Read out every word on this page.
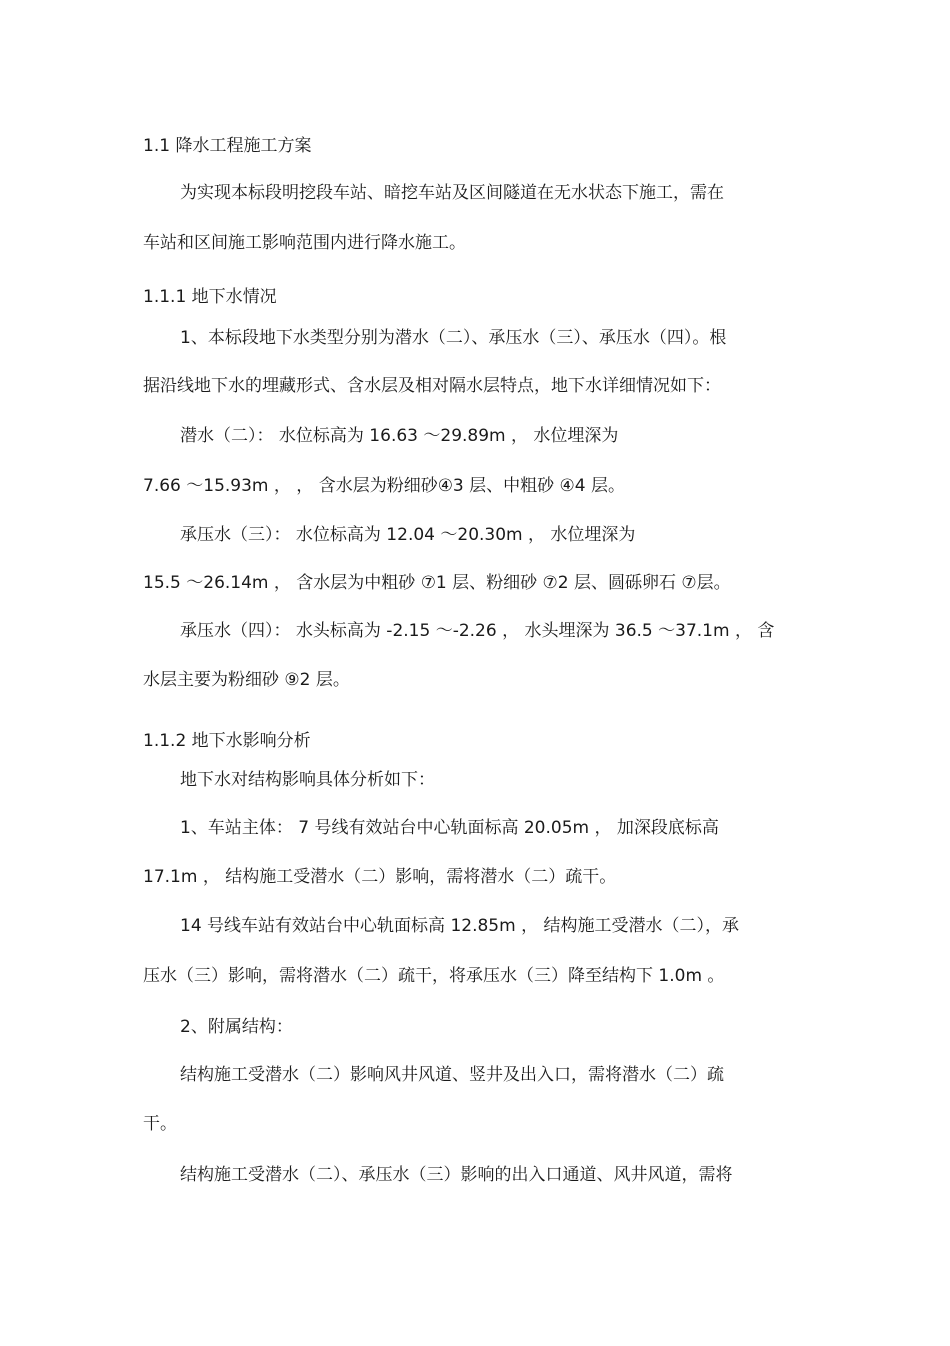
1.1 降水工程施工方案

为实现本标段明挖段车站、暗挖车站及区间隧道在无水状态下施工，需在

车站和区间施工影响范围内进行降水施工。

1.1.1 地下水情况

1、本标段地下水类型分别为潜水（二）、承压水（三）、承压水（四）。根

据沿线地下水的埋藏形式、含水层及相对隔水层特点，地下水详细情况如下：

潜水（二）： 水位标高为 16.63 ～29.89m ， 水位埋深为

7.66 ～15.93m ， ， 含水层为粉细砂④3 层、中粗砂 ④4 层。

承压水（三）： 水位标高为 12.04 ～20.30m ， 水位埋深为

15.5 ～26.14m ， 含水层为中粗砂 ⑦1 层、粉细砂 ⑦2 层、圆砾卵石 ⑦层。

承压水（四）： 水头标高为 -2.15 ～-2.26 ， 水头埋深为 36.5 ～37.1m ， 含

水层主要为粉细砂 ⑨2 层。

1.1.2 地下水影响分析

地下水对结构影响具体分析如下：

1、车站主体： 7 号线有效站台中心轨面标高 20.05m ， 加深段底标高

17.1m ， 结构施工受潜水（二）影响，需将潜水（二）疏干。

14 号线车站有效站台中心轨面标高 12.85m ， 结构施工受潜水（二），承

压水（三）影响，需将潜水（二）疏干，将承压水（三）降至结构下 1.0m 。

2、附属结构：

结构施工受潜水（二）影响风井风道、竖井及出入口，需将潜水（二）疏

干。

结构施工受潜水（二）、承压水（三）影响的出入口通道、风井风道，需将
